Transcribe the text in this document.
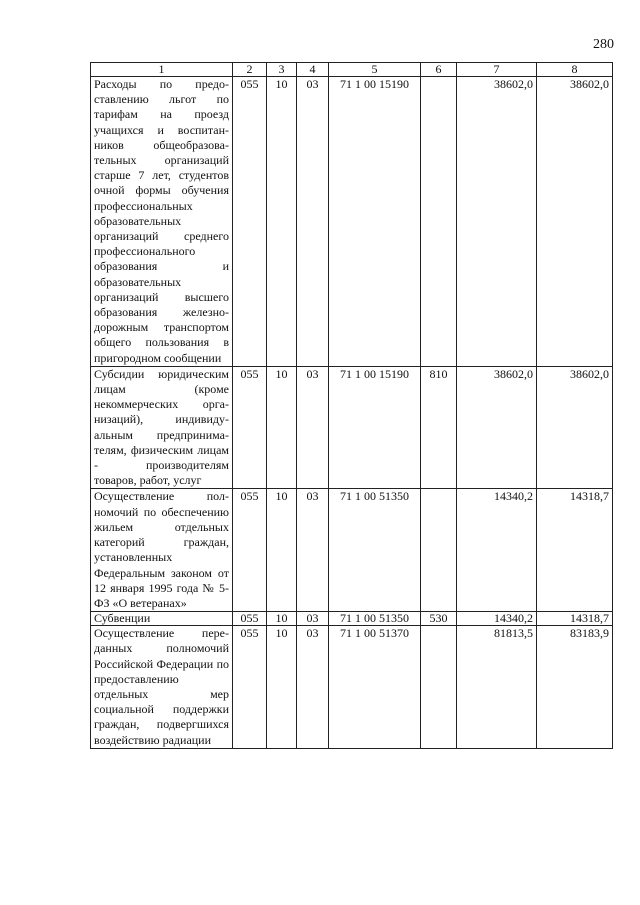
280
1	2	3	4	5	6	7	8
Расходы по предоставлению льгот по тарифам на проезд учащихся и воспитанников общеобразовательных организаций старше 7 лет, студентов очной формы обучения профессиональных образовательных организаций среднего профессионального образования и образовательных организаций высшего образования железнодорожным транспортом общего пользования в пригородном сообщении	055	10	03	71 1 00 15190		38602,0	38602,0
Субсидии юридическим лицам (кроме некоммерческих организаций), индивидуальным предпринимателям, физическим лицам - производителям товаров, работ, услуг	055	10	03	71 1 00 15190	810	38602,0	38602,0
Осуществление полномочий по обеспечению жильем отдельных категорий граждан, установленных Федеральным законом от 12 января 1995 года № 5-ФЗ «О ветеранах»	055	10	03	71 1 00 51350		14340,2	14318,7
Субвенции	055	10	03	71 1 00 51350	530	14340,2	14318,7
Осуществление переданных полномочий Российской Федерации по предоставлению отдельных мер социальной поддержки граждан, подвергшихся воздействию радиации	055	10	03	71 1 00 51370		81813,5	83183,9
